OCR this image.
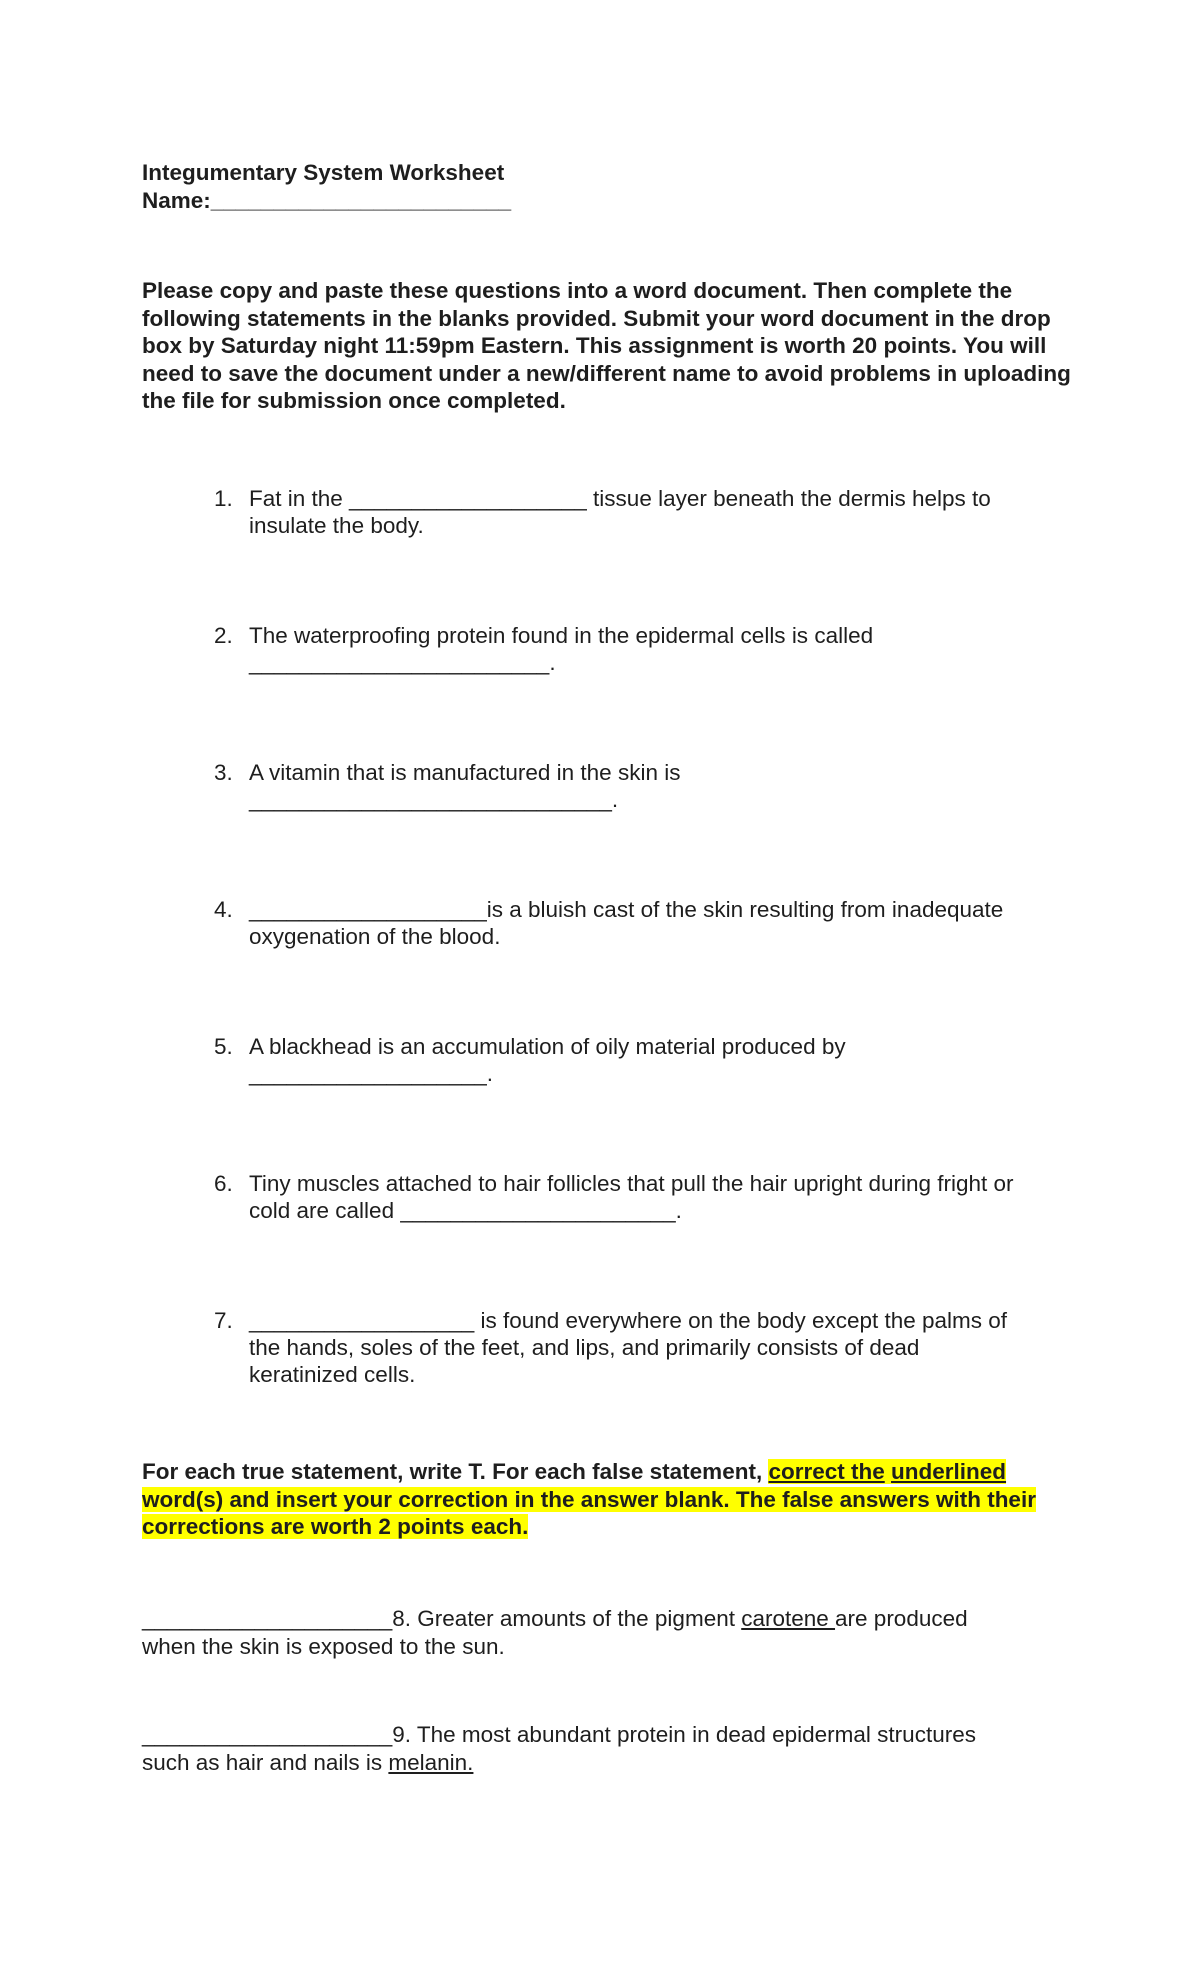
Integumentary System Worksheet
Name:________________________
Please copy and paste these questions into a word document. Then complete the following statements in the blanks provided. Submit your word document in the drop box by Saturday night 11:59pm Eastern. This assignment is worth 20 points. You will need to save the document under a new/different name to avoid problems in uploading the file for submission once completed.
1. Fat in the ___________________ tissue layer beneath the dermis helps to
insulate the body.
2. The waterproofing protein found in the epidermal cells is called
________________________.
3. A vitamin that is manufactured in the skin is
_____________________________.
4. ___________________is a bluish cast of the skin resulting from inadequate
oxygenation of the blood.
5. A blackhead is an accumulation of oily material produced by
___________________.
6. Tiny muscles attached to hair follicles that pull the hair upright during fright or
cold are called ______________________.
7. __________________ is found everywhere on the body except the palms of
the hands, soles of the feet, and lips, and primarily consists of dead
keratinized cells.
For each true statement, write T. For each false statement, correct the underlined word(s) and insert your correction in the answer blank. The false answers with their corrections are worth 2 points each.
____________________8. Greater amounts of the pigment carotene are produced
when the skin is exposed to the sun.
____________________9. The most abundant protein in dead epidermal structures
such as hair and nails is melanin.
